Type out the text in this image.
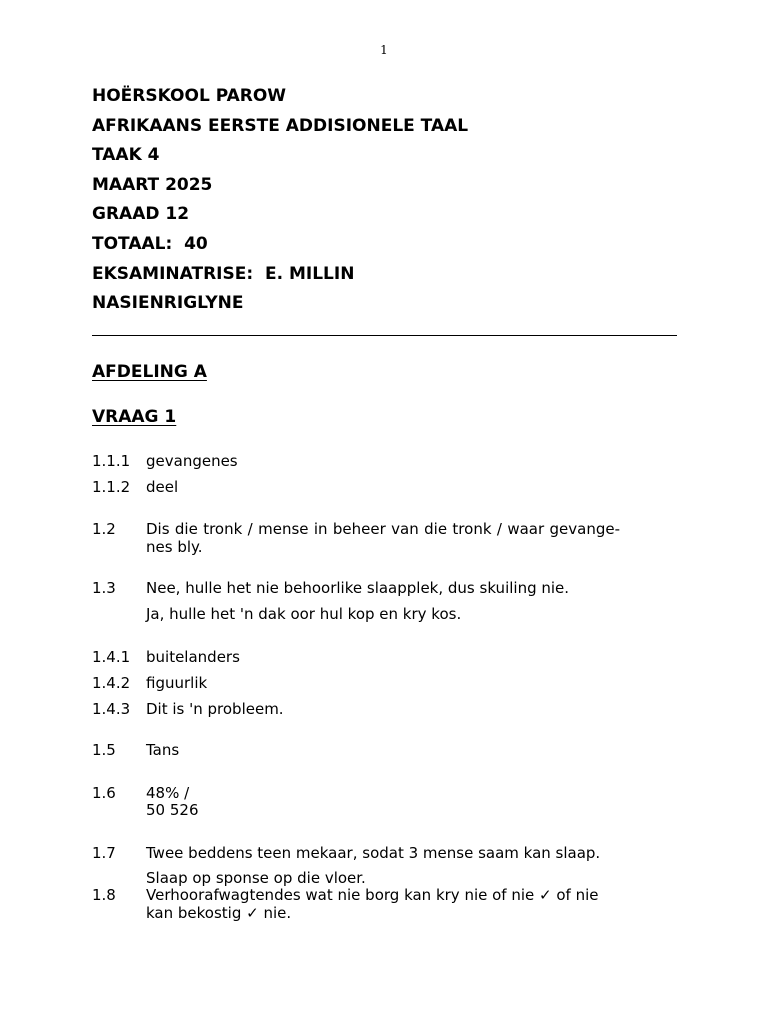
1
HOËRSKOOL PAROW
AFRIKAANS EERSTE ADDISIONELE TAAL
TAAK 4
MAART 2025
GRAAD 12
TOTAAL:  40
EKSAMINATRISE:  E. MILLIN
NASIENRIGLYNE
AFDELING A
VRAAG 1
1.1.1	gevangenes
1.1.2	deel
1.2	Dis die tronk / mense in beheer van die tronk / waar gevange-nes bly.
1.3	Nee, hulle het nie behoorlike slaapplek, dus skuiling nie.
Ja, hulle het 'n dak oor hul kop en kry kos.
1.4.1	buitelanders
1.4.2	figuurlik
1.4.3	Dit is 'n probleem.
1.5	Tans
1.6	48% /
50 526
1.7	Twee beddens teen mekaar, sodat 3 mense saam kan slaap.
Slaap op sponse op die vloer.
1.8	Verhoorafwagtendes wat nie borg kan kry nie of nie ✓ of nie kan bekostig ✓ nie.
